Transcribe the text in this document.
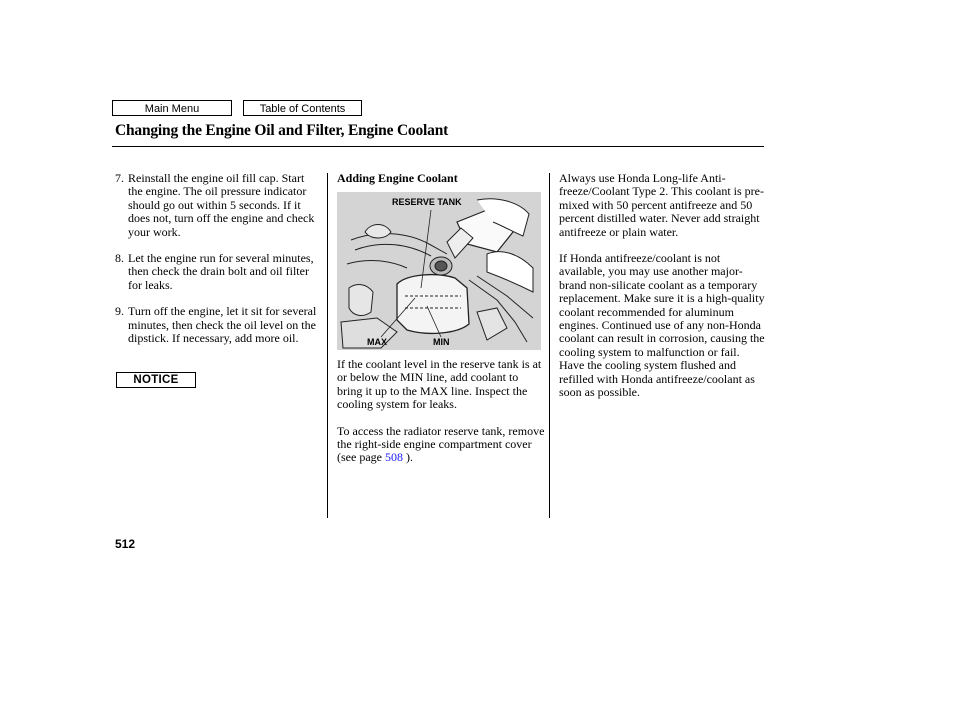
Main Menu	Table of Contents
Changing the Engine Oil and Filter, Engine Coolant
7. Reinstall the engine oil fill cap. Start the engine. The oil pressure indicator should go out within 5 seconds. If it does not, turn off the engine and check your work.
8. Let the engine run for several minutes, then check the drain bolt and oil filter for leaks.
9. Turn off the engine, let it sit for several minutes, then check the oil level on the dipstick. If necessary, add more oil.
NOTICE
Adding Engine Coolant
RESERVE TANK
MAX	MIN

If the coolant level in the reserve tank is at or below the MIN line, add coolant to bring it up to the MAX line. Inspect the cooling system for leaks.

To access the radiator reserve tank, remove the right-side engine compartment cover (see page 508 ).

Always use Honda Long-life Anti-freeze/Coolant Type 2. This coolant is pre-mixed with 50 percent antifreeze and 50 percent distilled water. Never add straight antifreeze or plain water.

If Honda antifreeze/coolant is not available, you may use another major-brand non-silicate coolant as a temporary replacement. Make sure it is a high-quality coolant recommended for aluminum engines. Continued use of any non-Honda coolant can result in corrosion, causing the cooling system to malfunction or fail. Have the cooling system flushed and refilled with Honda antifreeze/coolant as soon as possible.

512
